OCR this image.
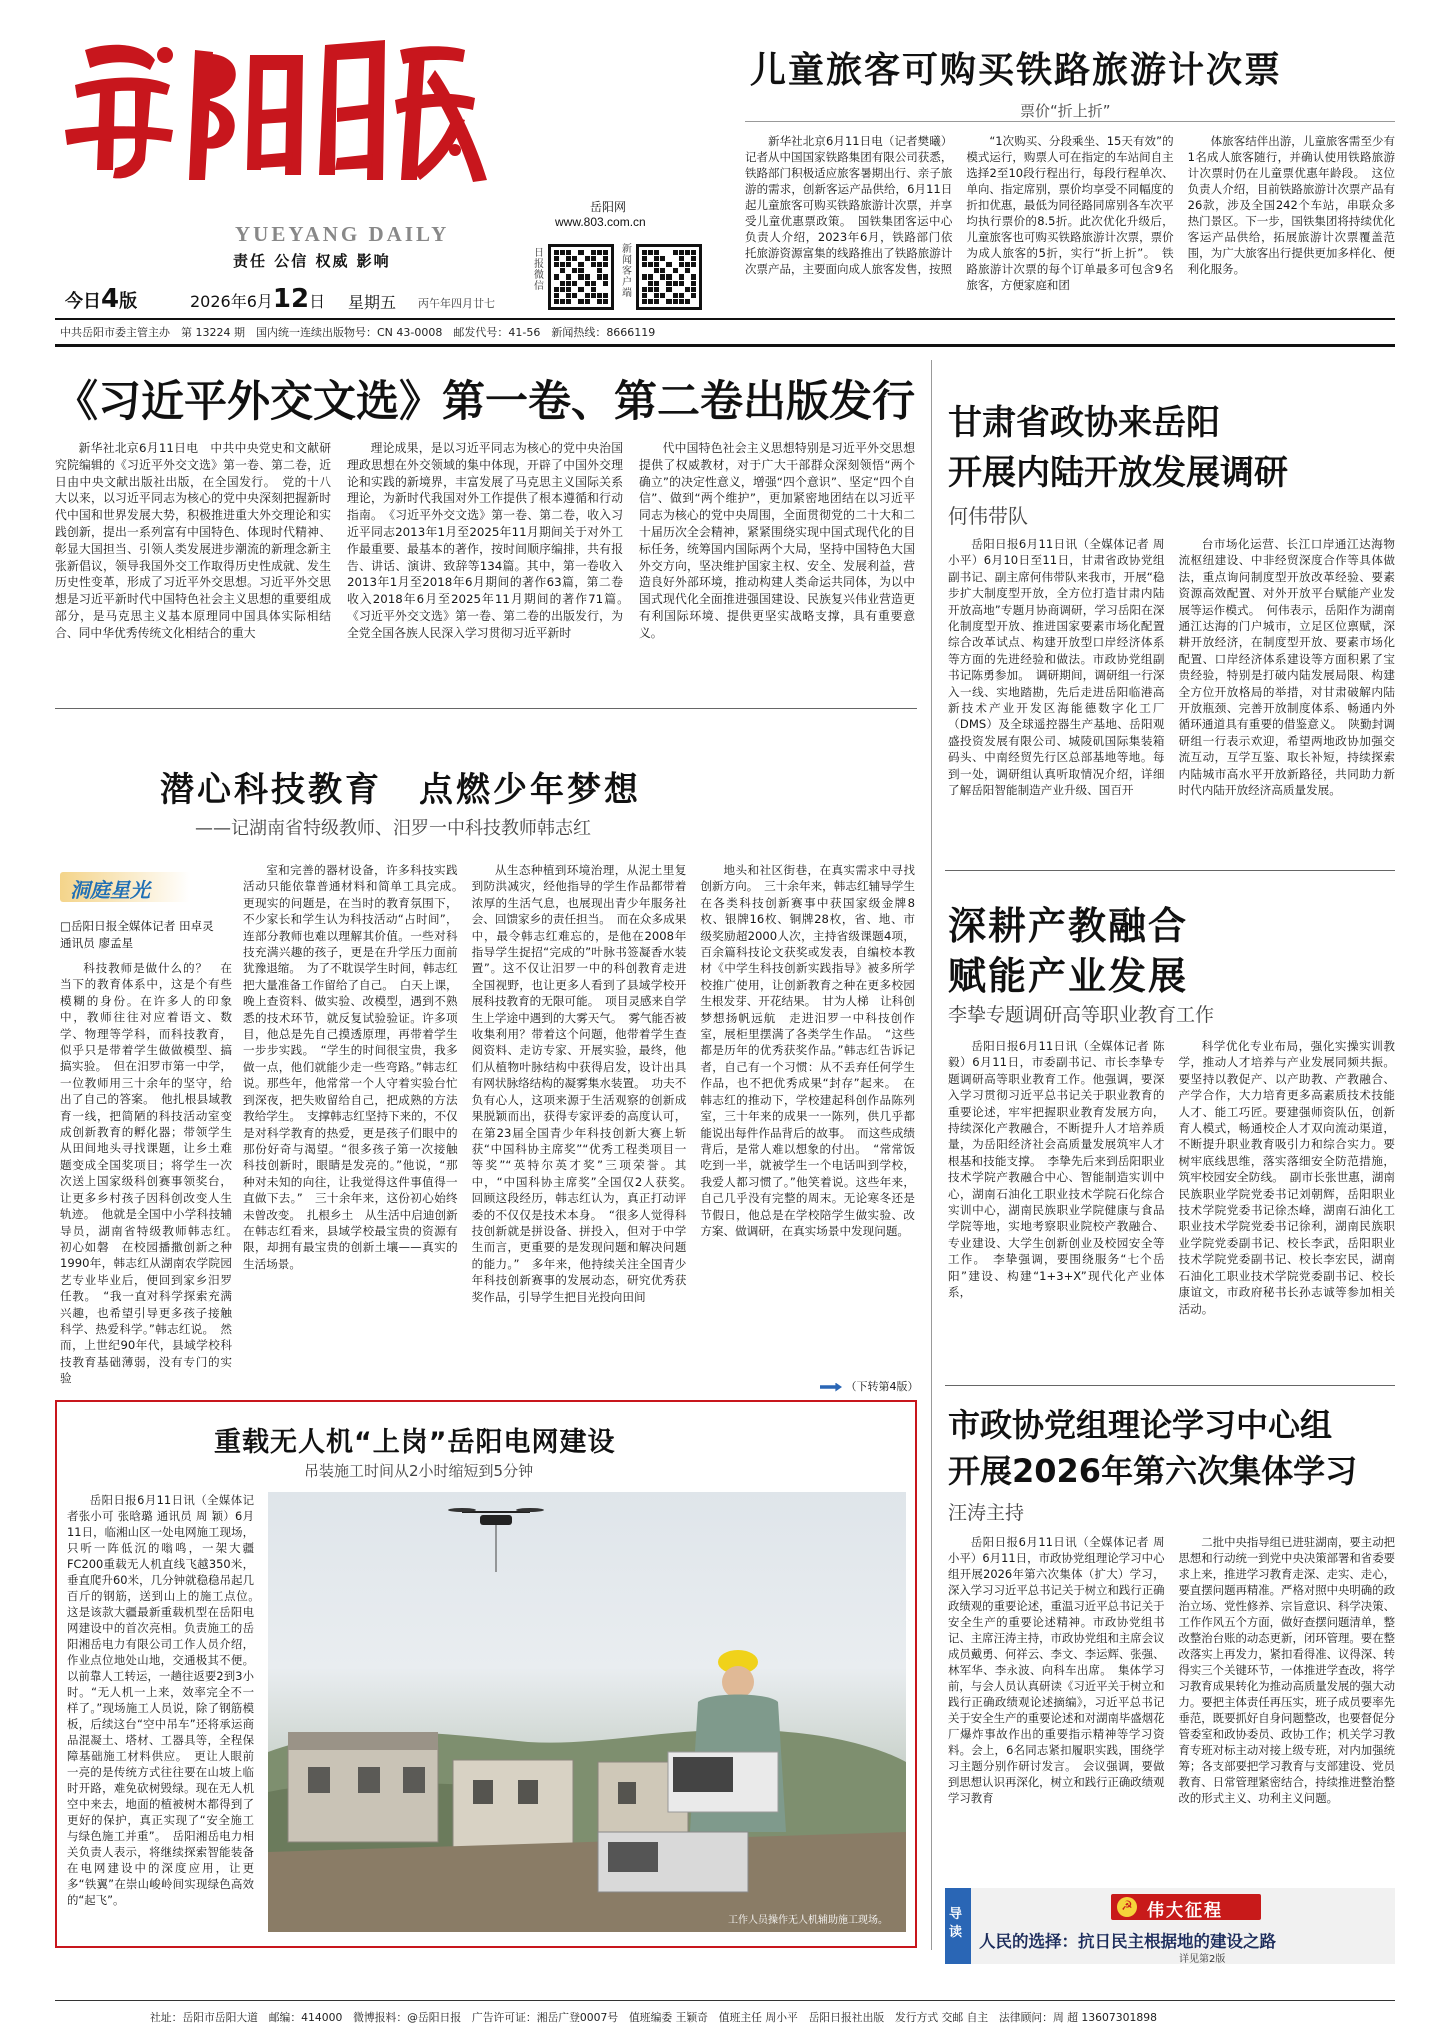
YUEYANG DAILY
责任 公信 权威 影响
岳阳网
www.803.com.cn
日报微信
新闻客户端
今日4版	2026年6月12日 星期五 丙午年四月廿七
中共岳阳市委主管主办　第 13224 期　国内统一连续出版物号：CN 43-0008　邮发代号：41-56　新闻热线：8666119
儿童旅客可购买铁路旅游计次票
票价“折上折”

新华社北京6月11日电（记者樊曦）记者从中国国家铁路集团有限公司获悉，铁路部门积极适应旅客暑期出行、亲子旅游的需求，创新客运产品供给，6月11日起儿童旅客可购买铁路旅游计次票，并享受儿童优惠票政策。　国铁集团客运中心负责人介绍，2023年6月，铁路部门依托旅游资源富集的线路推出了铁路旅游计次票产品，主要面向成人旅客发售，按照

“1次购买、分段乘坐、15天有效”的模式运行，购票人可在指定的车站间自主选择2至10段行程出行，每段行程单次、单向、指定席别，票价均享受不同幅度的折扣优惠，最低为同径路同席别各车次平均执行票价的8.5折。此次优化升级后，儿童旅客也可购买铁路旅游计次票，票价为成人旅客的5折，实行“折上折”。　铁路旅游计次票的每个订单最多可包含9名旅客，方便家庭和团

体旅客结伴出游，儿童旅客需至少有1名成人旅客随行，并确认使用铁路旅游计次票时仍在儿童票优惠年龄段。　这位负责人介绍，目前铁路旅游计次票产品有26款，涉及全国242个车站，串联众多热门景区。下一步，国铁集团将持续优化客运产品供给，拓展旅游计次票覆盖范围，为广大旅客出行提供更加多样化、便利化服务。

《习近平外交文选》第一卷、第二卷出版发行

新华社北京6月11日电　中共中央党史和文献研究院编辑的《习近平外交文选》第一卷、第二卷，近日由中央文献出版社出版，在全国发行。　党的十八大以来，以习近平同志为核心的党中央深刻把握新时代中国和世界发展大势，积极推进重大外交理论和实践创新，提出一系列富有中国特色、体现时代精神、彰显大国担当、引领人类发展进步潮流的新理念新主张新倡议，领导我国外交工作取得历史性成就、发生历史性变革，形成了习近平外交思想。习近平外交思想是习近平新时代中国特色社会主义思想的重要组成部分，是马克思主义基本原理同中国具体实际相结合、同中华优秀传统文化相结合的重大

理论成果，是以习近平同志为核心的党中央治国理政思想在外交领域的集中体现，开辟了中国外交理论和实践的新境界，丰富发展了马克思主义国际关系理论，为新时代我国对外工作提供了根本遵循和行动指南。　《习近平外交文选》第一卷、第二卷，收入习近平同志2013年1月至2025年11月期间关于对外工作最重要、最基本的著作，按时间顺序编排，共有报告、讲话、演讲、致辞等134篇。其中，第一卷收入2013年1月至2018年6月期间的著作63篇，第二卷收入2018年6月至2025年11月期间的著作71篇。　《习近平外交文选》第一卷、第二卷的出版发行，为全党全国各族人民深入学习贯彻习近平新时

代中国特色社会主义思想特别是习近平外交思想提供了权威教材，对于广大干部群众深刻领悟“两个确立”的决定性意义，增强“四个意识”、坚定“四个自信”、做到“两个维护”，更加紧密地团结在以习近平同志为核心的党中央周围，全面贯彻党的二十大和二十届历次全会精神，紧紧围绕实现中国式现代化的目标任务，统筹国内国际两个大局，坚持中国特色大国外交方向，坚决维护国家主权、安全、发展利益，营造良好外部环境，推动构建人类命运共同体，为以中国式现代化全面推进强国建设、民族复兴伟业营造更有利国际环境、提供更坚实战略支撑，具有重要意义。

甘肃省政协来岳阳
开展内陆开放发展调研
何伟带队

岳阳日报6月11日讯（全媒体记者 周小平）6月10日至11日，甘肃省政协党组副书记、副主席何伟带队来我市，开展“稳步扩大制度型开放，全方位打造甘肃内陆开放高地”专题月协商调研，学习岳阳在深化制度型开放、推进国家要素市场化配置综合改革试点、构建开放型口岸经济体系等方面的先进经验和做法。市政协党组副书记陈勇参加。　调研期间，调研组一行深入一线、实地踏勘，先后走进岳阳临港高新技术产业开发区海能德数字化工厂（DMS）及全球遥控器生产基地、岳阳观盛投资发展有限公司、城陵矶国际集装箱码头、中南经贸先行区总部基地等地。每到一处，调研组认真听取情况介绍，详细了解岳阳智能制造产业升级、国百开

台市场化运营、长江口岸通江达海物流枢纽建设、中非经贸深度合作等具体做法，重点询问制度型开放改革经验、要素资源高效配置、对外开放平台赋能产业发展等运作模式。　何伟表示，岳阳作为湖南通江达海的门户城市，立足区位禀赋，深耕开放经济，在制度型开放、要素市场化配置、口岸经济体系建设等方面积累了宝贵经验，特别是打破内陆发展局限、构建全方位开放格局的举措，对甘肃破解内陆开放瓶颈、完善开放制度体系、畅通内外循环通道具有重要的借鉴意义。　陕勤封调研组一行表示欢迎，希望两地政协加强交流互动，互学互鉴、取长补短，持续探索内陆城市高水平开放新路径，共同助力新时代内陆开放经济高质量发展。

潜心科技教育　点燃少年梦想
——记湖南省特级教师、汨罗一中科技教师韩志红
洞庭星光
□岳阳日报全媒体记者 田卓灵　通讯员 廖孟星

科技教师是做什么的？　在当下的教育体系中，这是个有些模糊的身份。在许多人的印象中，教师往往对应着语文、数学、物理等学科，而科技教育，似乎只是带着学生做做模型、搞搞实验。　但在汨罗市第一中学，一位教师用三十余年的坚守，给出了自己的答案。　他扎根县域教育一线，把简陋的科技活动室变成创新教育的孵化器；带领学生从田间地头寻找课题，让乡土难题变成全国奖项目；将学生一次次送上国家级科创赛事领奖台，让更多乡村孩子因科创改变人生轨迹。　他就是全国中小学科技辅导员，湖南省特级教师韩志红。　初心如磐　在校园播撒创新之种　1990年，韩志红从湖南农学院园艺专业毕业后，便回到家乡汨罗任教。　“我一直对科学探索充满兴趣，也希望引导更多孩子接触科学、热爱科学。”韩志红说。　然而，上世纪90年代，县域学校科技教育基础薄弱，没有专门的实验

室和完善的器材设备，许多科技实践活动只能依靠普通材料和简单工具完成。　更现实的问题是，在当时的教育氛围下，不少家长和学生认为科技活动“占时间”，连部分教师也难以理解其价值。一些对科技充满兴趣的孩子，更是在升学压力面前犹豫退缩。　为了不耽误学生时间，韩志红把大量准备工作留给了自己。　白天上课，晚上查资料、做实验、改模型，遇到不熟悉的技术环节，就反复试验验证。许多项目，他总是先自己摸透原理，再带着学生一步步实践。　“学生的时间很宝贵，我多做一点，他们就能少走一些弯路。”韩志红说。那些年，他常常一个人守着实验台忙到深夜，把失败留给自己，把成熟的方法教给学生。　支撑韩志红坚持下来的，不仅是对科学教育的热爱，更是孩子们眼中的那份好奇与渴望。“很多孩子第一次接触科技创新时，眼睛是发亮的。”他说，“那种对未知的向往，让我觉得这件事值得一直做下去。”　三十余年来，这份初心始终未曾改变。　扎根乡土　从生活中启迪创新　在韩志红看来，县域学校最宝贵的资源有限，却拥有最宝贵的创新土壤——真实的生活场景。

从生态种植到环境治理，从泥土里复到防洪减灾，经他指导的学生作品都带着浓厚的生活气息，也展现出青少年服务社会、回馈家乡的责任担当。　而在众多成果中，最令韩志红难忘的，是他在2008年指导学生捉招“完成的”叶脉书签凝香水装置”。这不仅让汨罗一中的科创教育走进全国视野，也让更多人看到了县域学校开展科技教育的无限可能。　项目灵感来自学生上学途中遇到的大雾天气。　雾气能否被收集利用？带着这个问题，他带着学生查阅资料、走访专家、开展实验，最终，他们从植物叶脉结构中获得启发，设计出具有网状脉络结构的凝雾集水装置。　功夫不负有心人，这项来源于生活观察的创新成果脱颖而出，获得专家评委的高度认可，在第23届全国青少年科技创新大赛上斩获“中国科协主席奖”“优秀工程类项目一等奖”“英特尔英才奖”三项荣誉。其中，“中国科协主席奖”全国仅2人获奖。　回顾这段经历，韩志红认为，真正打动评委的不仅仅是技术本身。　“很多人觉得科技创新就是拼设备、拼投入，但对于中学生而言，更重要的是发现问题和解决问题的能力。”　多年来，他持续关注全国青少年科技创新赛事的发展动态，研究优秀获奖作品，引导学生把目光投向田间

地头和社区街巷，在真实需求中寻找创新方向。　三十余年来，韩志红辅导学生在各类科技创新赛事中获国家级金牌8枚、银牌16枚、铜牌28枚，省、地、市级奖励超2000人次，主持省级课题4项，百余篇科技论文获奖或发表，自编校本教材《中学生科技创新实践指导》被多所学校推广使用，让创新教育之种在更多校园生根发芽、开花结果。　甘为人梯　让科创梦想扬帆远航　走进汨罗一中科技创作室，展柜里摆满了各类学生作品。　“这些都是历年的优秀获奖作品。”韩志红告诉记者，自己有一个习惯：从不丢弃任何学生作品，也不把优秀成果“封存”起来。　在韩志红的推动下，学校建起科创作品陈列室，三十年来的成果一一陈列，供几乎都能说出每件作品背后的故事。　而这些成绩背后，是常人难以想象的付出。　“常常饭吃到一半，就被学生一个电话叫到学校，我爱人都习惯了。”他笑着说。这些年来，自己几乎没有完整的周末。无论寒冬还是节假日，他总是在学校陪学生做实验、改方案、做调研，在真实场景中发现问题。

（下转第4版）
深耕产教融合
赋能产业发展
李挚专题调研高等职业教育工作

岳阳日报6月11日讯（全媒体记者 陈毅）6月11日，市委副书记、市长李挚专题调研高等职业教育工作。他强调，要深入学习贯彻习近平总书记关于职业教育的重要论述，牢牢把握职业教育发展方向，持续深化产教融合，不断提升人才培养质量，为岳阳经济社会高质量发展筑牢人才根基和技能支撑。　李挚先后来到岳阳职业技术学院产教融合中心、智能制造实训中心，湖南石油化工职业技术学院石化综合实训中心，湖南民族职业学院健康与食品学院等地，实地考察职业院校产教融合、专业建设、大学生创新创业及校园安全等工作。　李挚强调，要围绕服务“七个岳阳”建设、构建“1+3+X”现代化产业体系，

科学优化专业布局，强化实操实训教学，推动人才培养与产业发展同频共振。要坚持以教促产、以产助教、产教融合、产学合作，大力培育更多高素质技术技能人才、能工巧匠。要建强师资队伍，创新育人模式，畅通校企人才双向流动渠道，不断提升职业教育吸引力和综合实力。要树牢底线思维，落实落细安全防范措施，筑牢校园安全防线。　副市长张世惠，湖南民族职业学院党委书记刘朝辉，岳阳职业技术学院党委书记徐杰峰，湖南石油化工职业技术学院党委书记徐利，湖南民族职业学院党委副书记、校长李武，岳阳职业技术学院党委副书记、校长李宏民，湖南石油化工职业技术学院党委副书记、校长康谊文，市政府秘书长孙志诚等参加相关活动。

市政协党组理论学习中心组
开展2026年第六次集体学习
汪涛主持

岳阳日报6月11日讯（全媒体记者 周小平）6月11日，市政协党组理论学习中心组开展2026年第六次集体（扩大）学习，深入学习习近平总书记关于树立和践行正确政绩观的重要论述，重温习近平总书记关于安全生产的重要论述精神。市政协党组书记、主席汪涛主持，市政协党组和主席会议成员戴勇、何祥云、李文、李运辉、张强、林军华、李永波、向科车出席。　集体学习前，与会人员认真研读《习近平关于树立和践行正确政绩观论述摘编》，习近平总书记关于安全生产的重要论述和对湖南毕盛烟花厂爆炸事故作出的重要指示精神等学习资料。会上，6名同志紧扣履职实践，围绕学习主题分别作研讨发言。　会议强调，要做到思想认识再深化，树立和践行正确政绩观学习教育

二批中央指导组已进驻湖南，要主动把思想和行动统一到党中央决策部署和省委要求上来，推进学习教育走深、走实、走心，要直摆问题再精准。严格对照中央明确的政治立场、党性修养、宗旨意识、科学决策、工作作风五个方面，做好查摆问题清单，整改整治台账的动态更新，闭环管理。要在整改落实上再发力，紧扣看得准、议得深、转得实三个关键环节，一体推进学查改，将学习教育成果转化为推动高质量发展的强大动力。要把主体责任再压实，班子成员要率先垂范，既要抓好自身问题整改，也要督促分管委室和政协委员、政协工作；机关学习教育专班对标主动对接上级专班，对内加强统筹；各支部要把学习教育与支部建设、党员教育、日常管理紧密结合，持续推进整治整改的形式主义、功利主义问题。

重载无人机“上岗”岳阳电网建设
吊装施工时间从2小时缩短到5分钟

岳阳日报6月11日讯（全媒体记者张小可 张晗璐 通讯员 周 颖）6月11日，临湘山区一处电网施工现场，只听一阵低沉的嗡鸣，一架大疆FC200重载无人机直线飞越350米，垂直爬升60米，几分钟就稳稳吊起几百斤的钢筋，送到山上的施工点位。　这是该款大疆最新重载机型在岳阳电网建设中的首次亮相。负责施工的岳阳湘岳电力有限公司工作人员介绍，作业点位地处山地，交通极其不便。以前靠人工转运，一趟往返要2到3小时。“无人机一上来，效率完全不一样了。”现场施工人员说，除了钢筋模板，后续这台“空中吊车”还将承运商品混凝土、塔材、工器具等，全程保障基础施工材料供应。　更让人眼前一亮的是传统方式往往要在山坡上临时开路，难免砍树毁绿。现在无人机空中来去，地面的植被树木都得到了更好的保护，真正实现了“安全施工与绿色施工并重”。　岳阳湘岳电力相关负责人表示，将继续探索智能装备在电网建设中的深度应用，让更多“铁翼”在崇山峻岭间实现绿色高效的“起飞”。

工作人员操作无人机辅助施工现场。	导读
☭ 伟大征程
人民的选择：抗日民主根据地的建设之路
详见第2版
社址：岳阳市岳阳大道　邮编：414000　微博报料：@岳阳日报　广告许可证：湘岳广登0007号　值班编委 王颖奇　值班主任 周小平　岳阳日报社出版　发行方式 交邮 自主　法律顾问：周 超 13607301898
